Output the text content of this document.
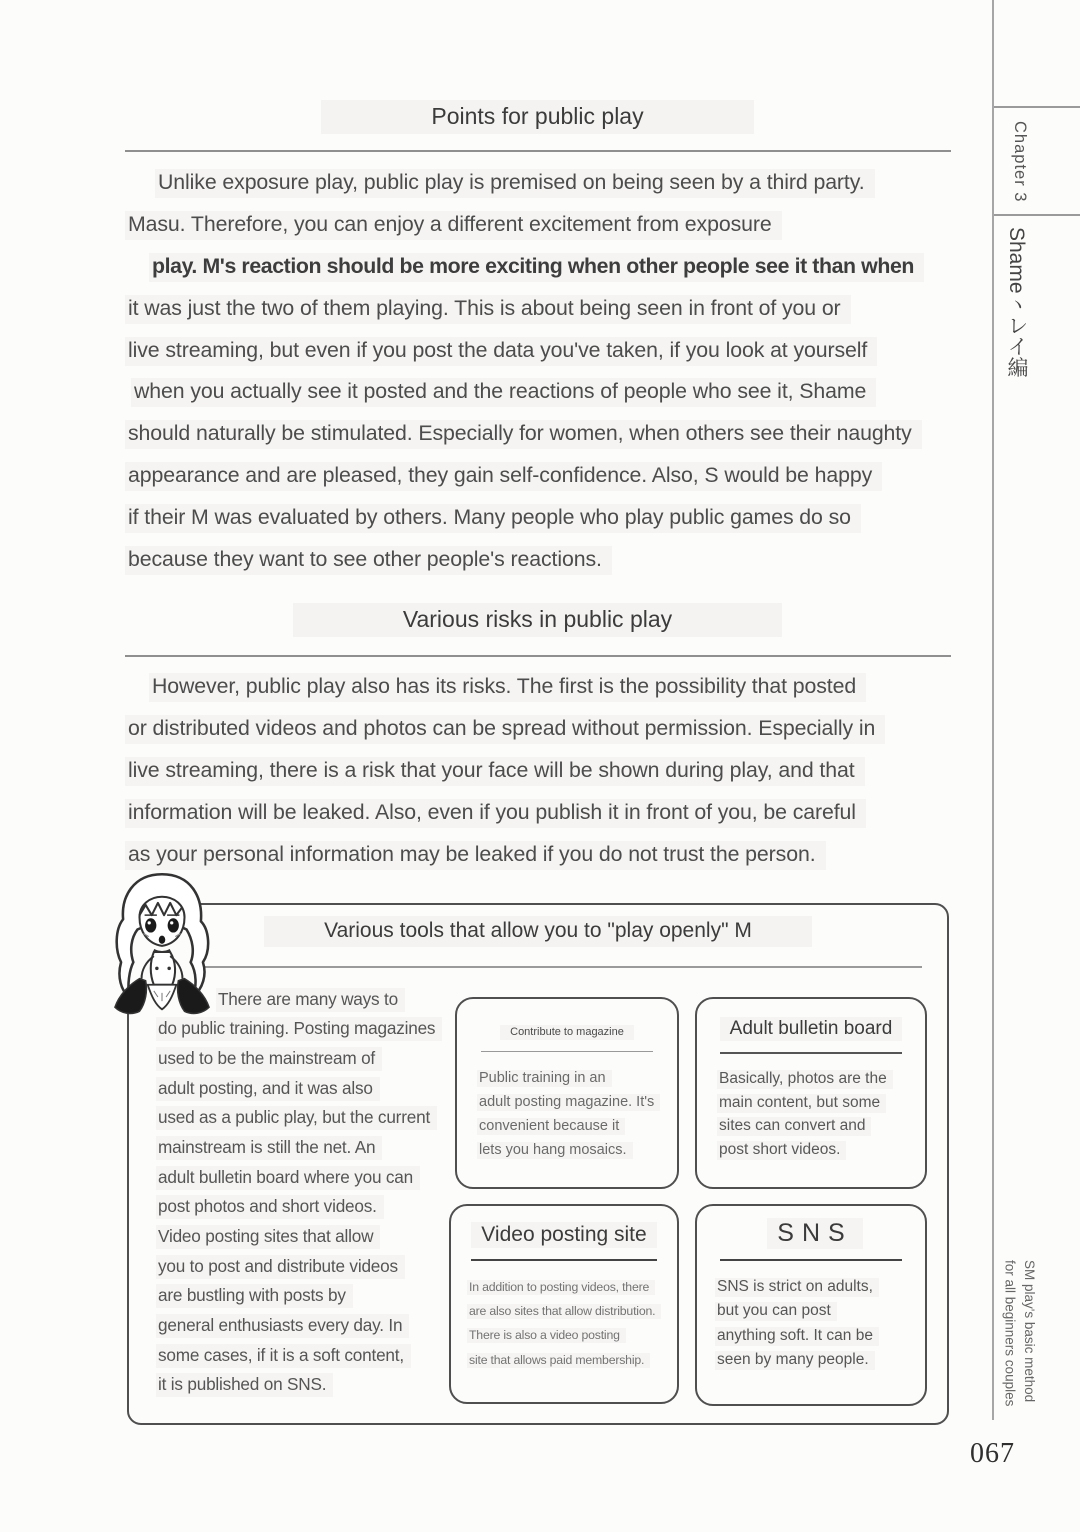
Points for public play
Unlike exposure play, public play is premised on being seen by a third party.
Masu. Therefore, you can enjoy a different excitement from exposure
play. M's reaction should be more exciting when other people see it than when
it was just the two of them playing. This is about being seen in front of you or
live streaming, but even if you post the data you've taken, if you look at yourself
when you actually see it posted and the reactions of people who see it, Shame
should naturally be stimulated. Especially for women, when others see their naughty
appearance and are pleased, they gain self-confidence. Also, S would be happy
if their M was evaluated by others. Many people who play public games do so
because they want to see other people's reactions.
Various risks in public play
However, public play also has its risks. The first is the possibility that posted
or distributed videos and photos can be spread without permission. Especially in
live streaming, there is a risk that your face will be shown during play, and that
information will be leaked. Also, even if you publish it in front of you, be careful
as your personal information may be leaked if you do not trust the person.
Various tools that allow you to "play openly" M
There are many ways to
do public training. Posting magazines
used to be the mainstream of
adult posting, and it was also
used as a public play, but the current
mainstream is still the net. An
adult bulletin board where you can
post photos and short videos.
Video posting sites that allow
you to post and distribute videos
are bustling with posts by
general enthusiasts every day. In
some cases, if it is a soft content,
it is published on SNS.
Contribute to magazine
Public training in an
adult posting magazine. It's
convenient because it
lets you hang mosaics.
Adult bulletin board
Basically, photos are the
main content, but some
sites can convert and
post short videos.
Video posting site
In addition to posting videos, there
are also sites that allow distribution.
There is also a video posting
site that allows paid membership.
SNS
SNS is strict on adults,
but you can post
anything soft. It can be
seen by many people.
Chapter 3
Shameヽレイ編
SM play's basic method
for all beginners couples
067
